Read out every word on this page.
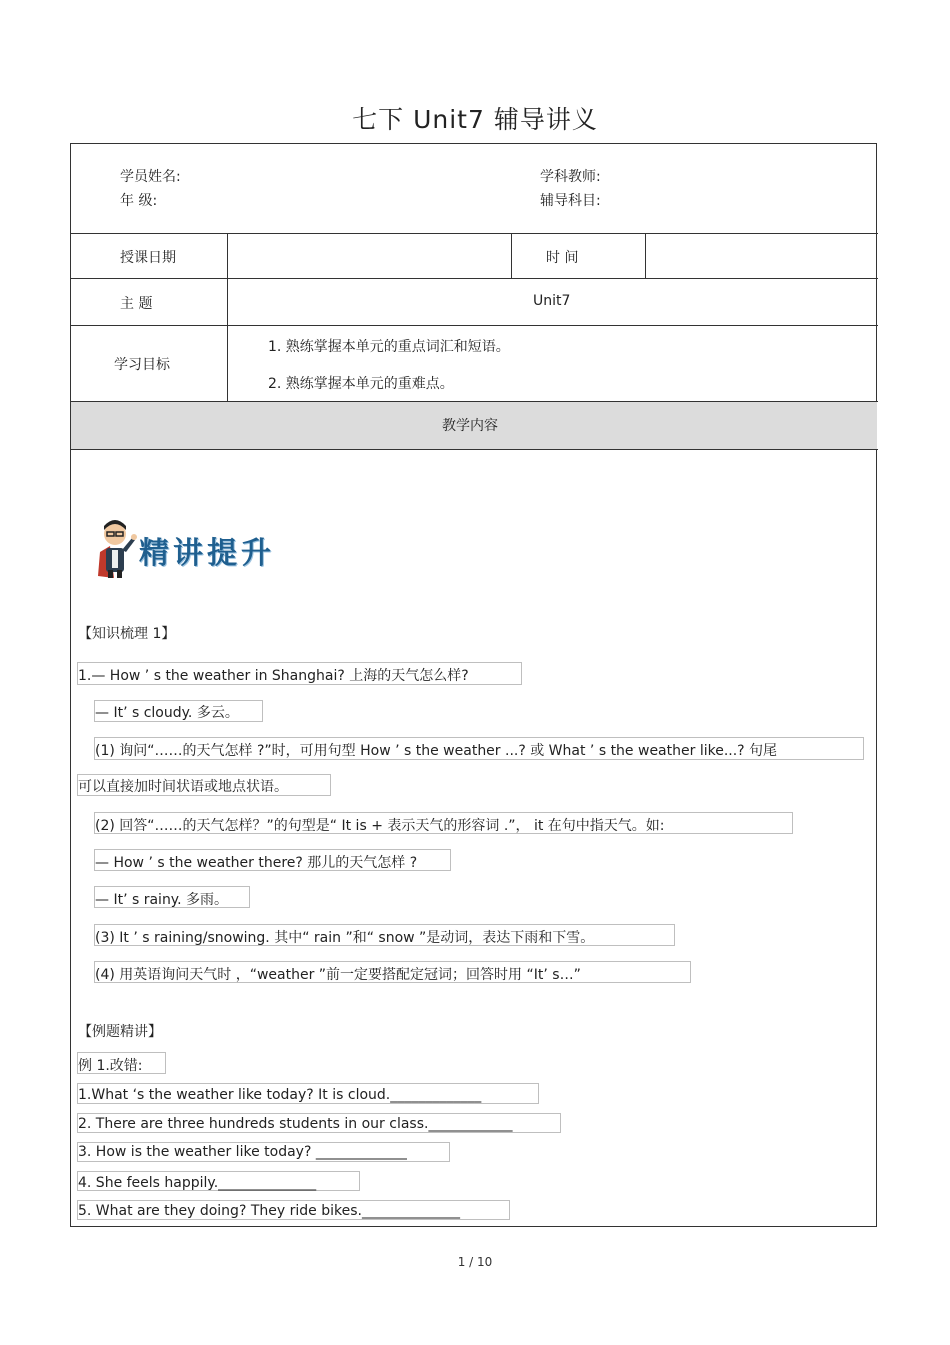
七下 Unit7 辅导讲义
学员姓名:
年 级:
学科教师:
辅导科目:
授课日期	时 间
主 题	Unit7
学习目标
1. 熟练掌握本单元的重点词汇和短语。
2. 熟练掌握本单元的重难点。
教学内容
精讲提升
【知识梳理 1】
1.— How ’ s the weather in Shanghai? 上海的天气怎么样?
— It’ s cloudy. 多云。
(1) 询问“……的天气怎样 ?”时，可用句型 How ’ s the weather ...? 或 What ’ s the weather like...? 句尾
可以直接加时间状语或地点状语。
(2) 回答“……的天气怎样？”的句型是“ It is + 表示天气的形容词 .”， it 在句中指天气。如:
— How ’ s the weather there? 那儿的天气怎样 ?
— It’ s rainy. 多雨。
(3) It ’ s raining/snowing. 其中“ rain ”和“ snow ”是动词，表达下雨和下雪。
(4) 用英语询问天气时 ，“weather ”前一定要搭配定冠词；回答时用 “It’ s…”
【例题精讲】
例 1.改错:
1.What ‘s the weather like today? It is cloud._____________
2. There are three hundreds students in our class.____________
3. How is the weather like today? _____________
4. She feels happily.______________
5. What are they doing? They ride bikes.______________
1 / 10
